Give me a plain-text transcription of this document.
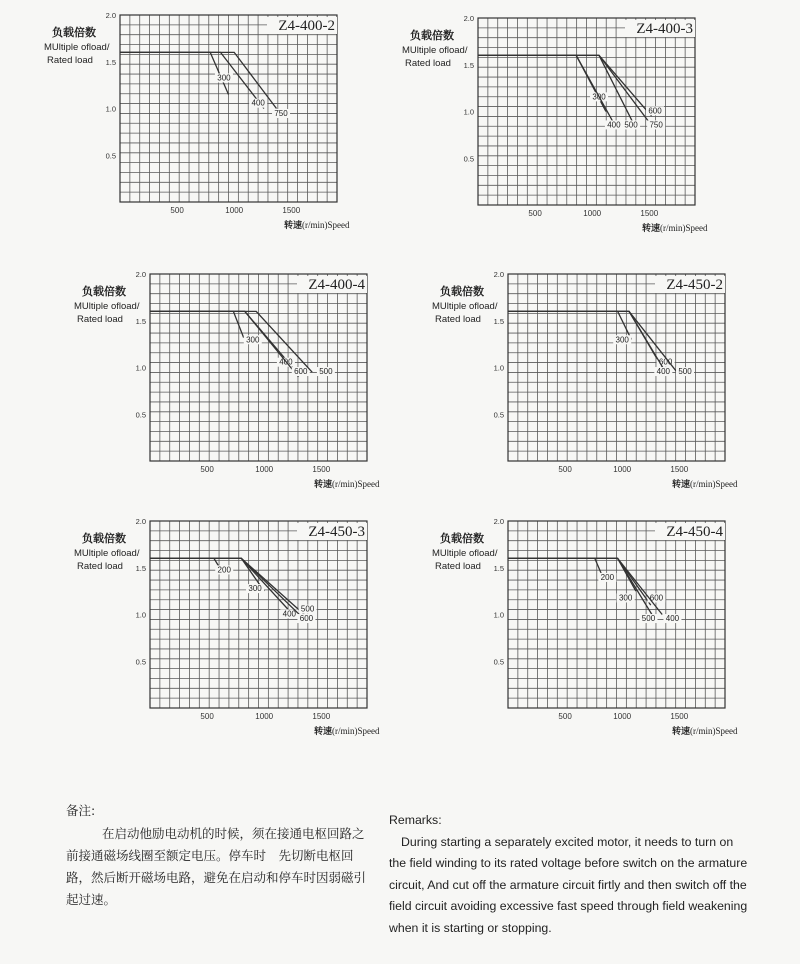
0.5
1.0
1.5
2.0
500	1000	1500
Z4-400-2
负载倍数
MUltiple ofload/
Rated load
转速(r/min)Speed
300
400
750
0.5
1.0
1.5
2.0
500	1000	1500
Z4-400-3
负载倍数
MUltiple ofload/
Rated load
转速(r/min)Speed
300
400 500
600
750
0.5
1.0
1.5
2.0
500	1000	1500
Z4-400-4
负载倍数
MUltiple ofload/
Rated load
转速(r/min)Speed
300
400
600 500
0.5
1.0
1.5
2.0
500	1000	1500
Z4-450-2
负载倍数
MUltiple ofload/
Rated load
转速(r/min)Speed
300
600
400 500
0.5
1.0
1.5
2.0
500	1000	1500
Z4-450-3
负载倍数
MUltiple ofload/
Rated load
转速(r/min)Speed
200
300
400
500
600
0.5
1.0
1.5
2.0
500	1000	1500
Z4-450-4
负载倍数
MUltiple ofload/
Rated load
转速(r/min)Speed
200
300 600
500 400
备注:
在启动他励电动机的时候，须在接通电枢回路之前接通磁场线圈至额定电压。停车时　先切断电枢回路，然后断开磁场电路，避免在启动和停车时因弱磁引起过速。
Remarks:
During starting a separately excited motor, it needs to turn on the field winding to its rated voltage before switch on the armature circuit, And cut off the armature circuit firtly and then switch off the field circuit avoiding excessive fast speed through field weakening when it is starting or stopping.
